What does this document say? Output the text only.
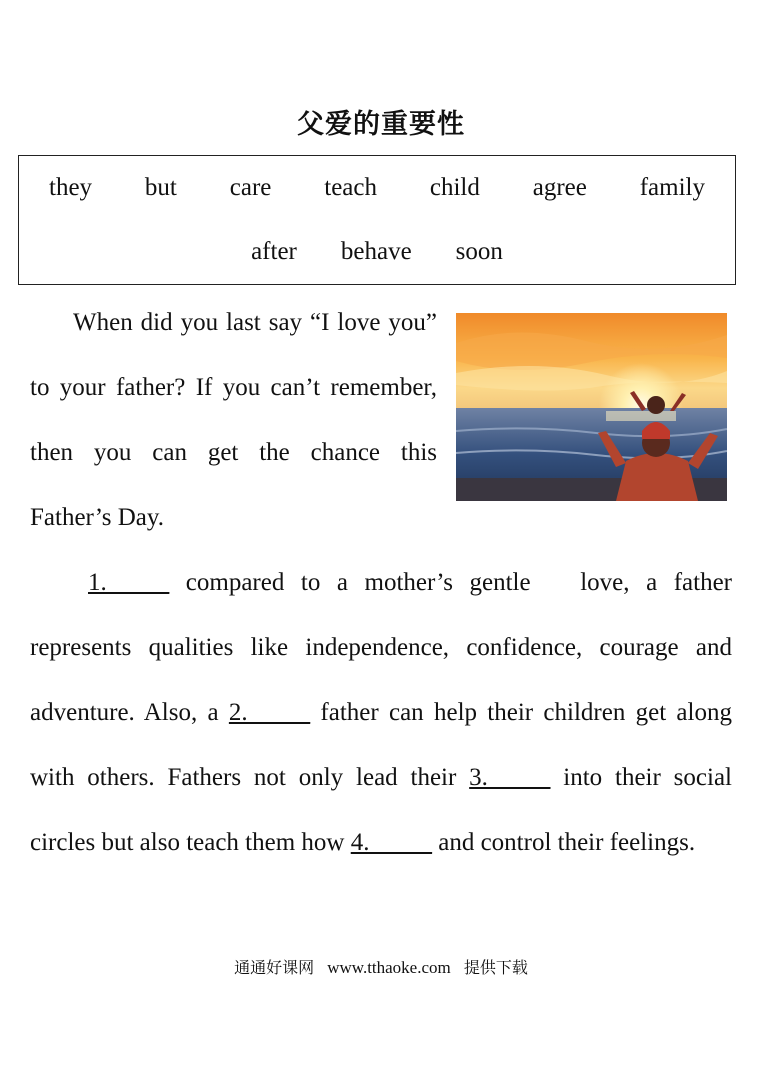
父爱的重要性
they but care teach child agree family
after behave soon

When did you last say “I love you” to your father? If you can’t remember, then you can get the chance this Father’s Day.

1._____ compared to a mother’s gentle   love, a father represents qualities like independence, confidence, courage and adventure. Also, a 2._____ father can help their children get along with others. Fathers not only lead their 3._____ into their social circles but also teach them how 4._____ and control their feelings.

通通好课网 www.tthaoke.com 提供下载
